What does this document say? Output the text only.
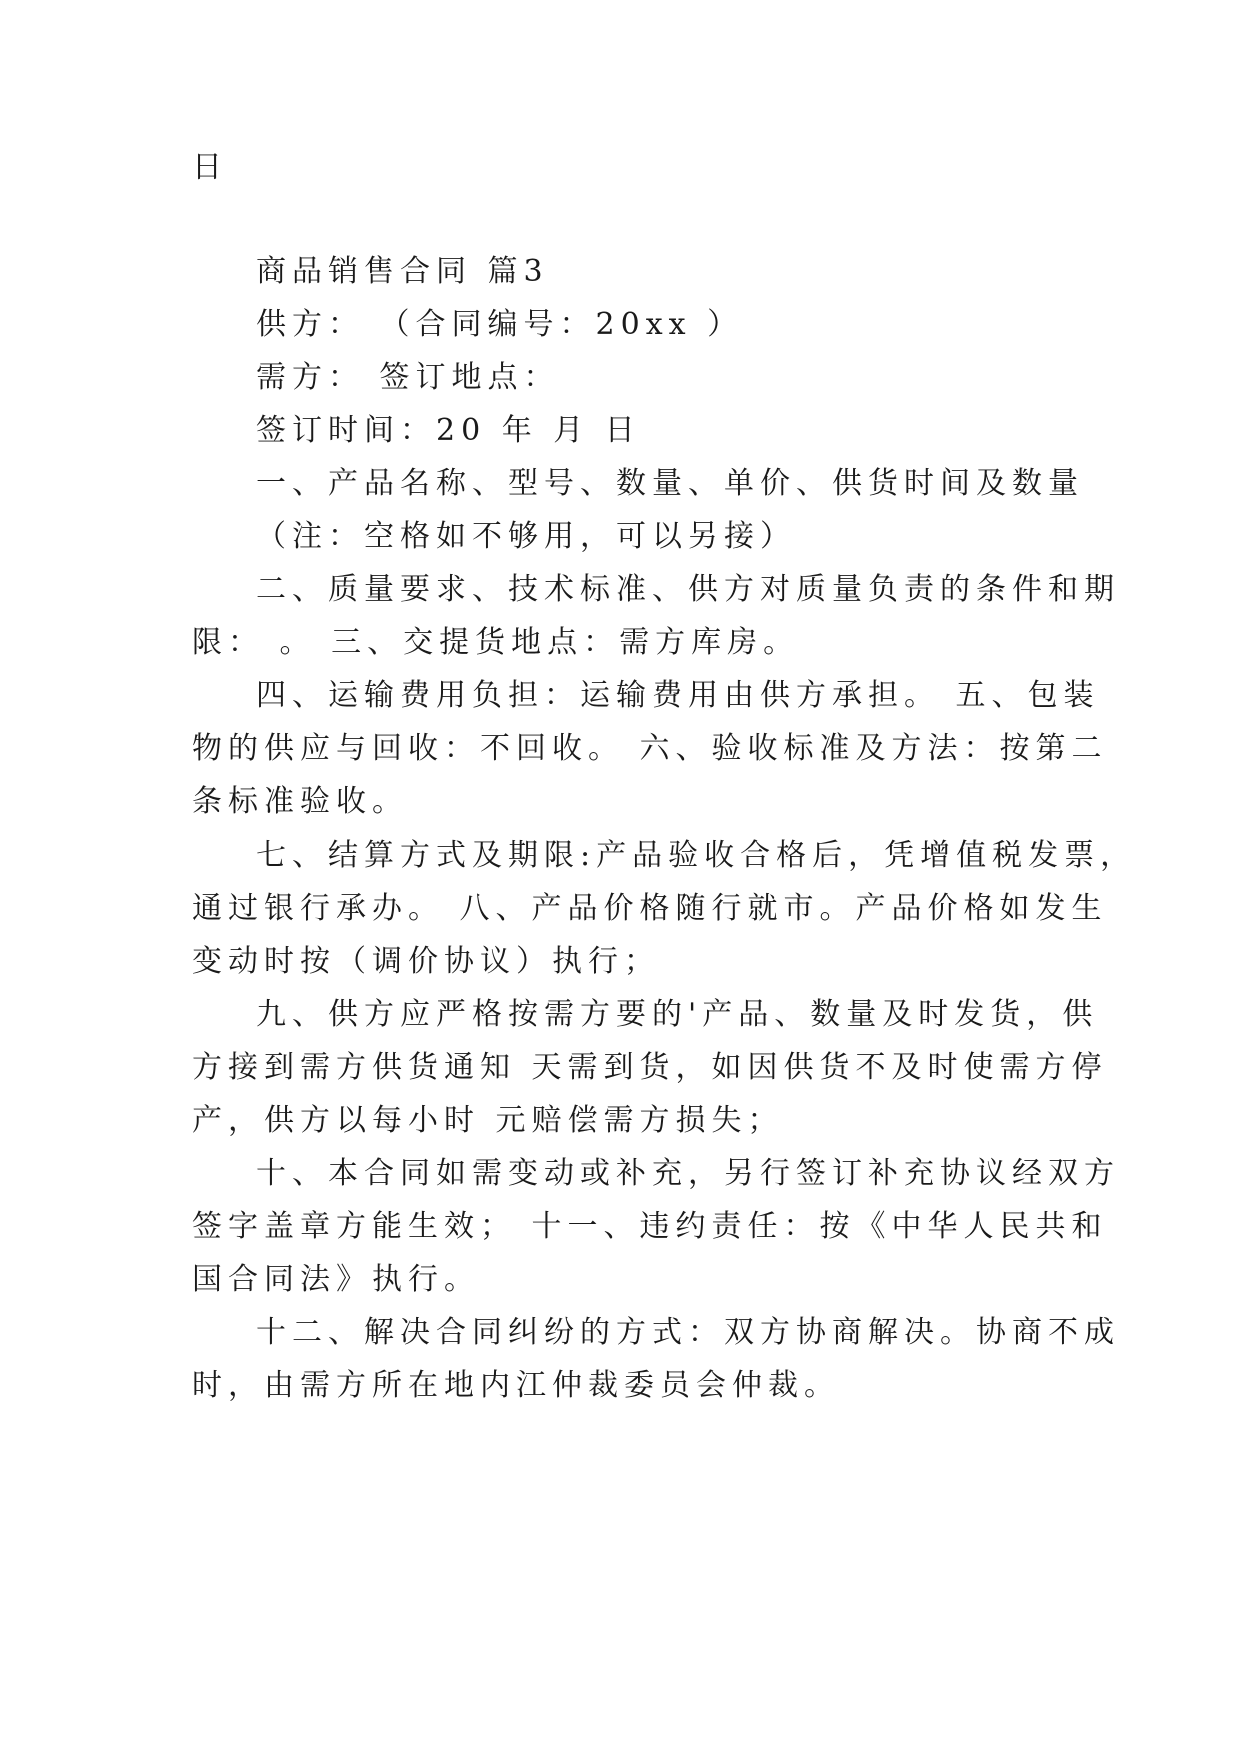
日
商品销售合同 篇3
供方： （合同编号：20xx ）
需方： 签订地点：
签订时间：20 年 月 日
一、产品名称、型号、数量、单价、供货时间及数量
（注：空格如不够用，可以另接）
二、质量要求、技术标准、供方对质量负责的条件和期
限： 。 三、交提货地点：需方库房。
四、运输费用负担：运输费用由供方承担。 五、包装
物的供应与回收：不回收。 六、验收标准及方法：按第二
条标准验收。
七、结算方式及期限:产品验收合格后，凭增值税发票，
通过银行承办。 八、产品价格随行就市。产品价格如发生
变动时按（调价协议）执行；
九、供方应严格按需方要的'产品、数量及时发货，供
方接到需方供货通知 天需到货，如因供货不及时使需方停
产，供方以每小时 元赔偿需方损失；
十、本合同如需变动或补充，另行签订补充协议经双方
签字盖章方能生效； 十一、违约责任：按《中华人民共和
国合同法》执行。
十二、解决合同纠纷的方式：双方协商解决。协商不成
时，由需方所在地内江仲裁委员会仲裁。
